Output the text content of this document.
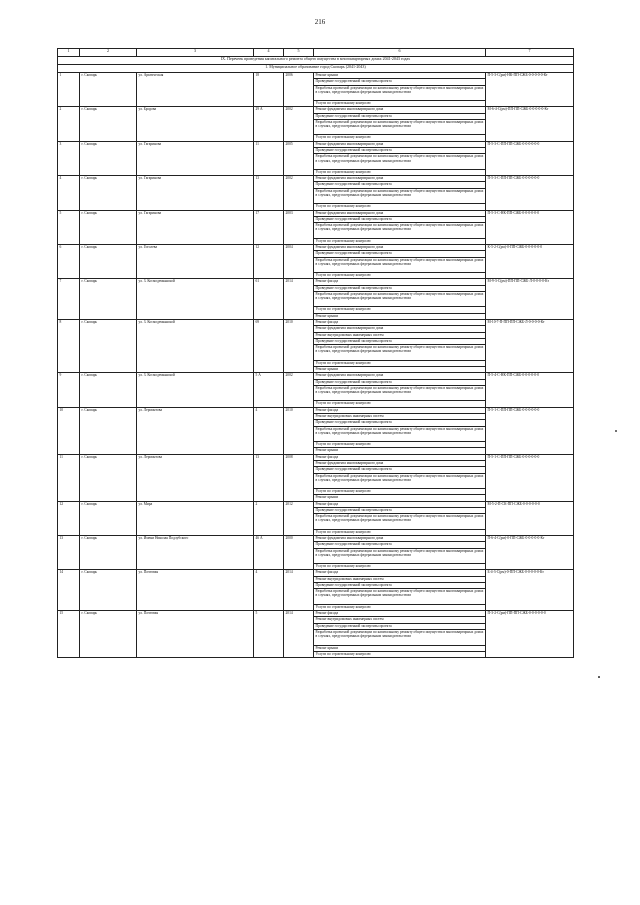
216
1	2	3	4	5	6	7
IX. Перечень проведения капитального ремонта общего имущества в многоквартирных домах 2041-2043 годах						
1. Муниципальное образование город Скопарь (2041-2043)						
1	г. Скопарь	ул. Арктическая	18	2006	Ремонт крыши	П-5-3-С(рм)-НК-ПП-СЖБ-0-0-0-0-0-Кт
					Проведение государственной экспертизы проекта	
					Разработка проектной документации по капитальному ремонту общего имущества в многоквартирных домах в случаях, предусмотренных федеральным законодательством	
					Услуги по строительному контролю	
2	г. Скопарь	ул. Бродова	29 А	2002	Ремонт фундамента многоквартирного дома	М-6-4-С(рм)-ПП-ПП-СЖБ-0-0-0-0-0-Кт
					Проведение государственной экспертизы проекта	
					Разработка проектной документации по капитальному ремонту общего имущества в многоквартирных домах в случаях, предусмотренных федеральным законодательством	
					Услуги по строительному контролю	
3	г. Скопарь	ул. Гагаринова	11	2005	Ремонт фундамента многоквартирного дома	П-5-3-С-ПП-ПП-СЖБ-0-0-0-0-0-0
					Проведение государственной экспертизы проекта	
					Разработка проектной документации по капитальному ремонту общего имущества в многоквартирных домах в случаях, предусмотренных федеральным законодательством	
					Услуги по строительному контролю	
4	г. Скопарь	ул. Гагаринова	13	2002	Ремонт фундамента многоквартирного дома	П-5-3-С-ПП-ПП-СЖБ-0-0-0-0-0-0
					Проведение государственной экспертизы проекта	
					Разработка проектной документации по капитальному ремонту общего имущества в многоквартирных домах в случаях, предусмотренных федеральным законодательством	
					Услуги по строительному контролю	
5	г. Скопарь	ул. Гагаринова	17	2003	Ремонт фундамента многоквартирного дома	П-5-3-С-НК-ПП-СЖБ-0-0-0-0-0-0
					Проведение государственной экспертизы проекта	
					Разработка проектной документации по капитальному ремонту общего имущества в многоквартирных домах в случаях, предусмотренных федеральным законодательством	
					Услуги по строительному контролю	
6	г. Скопарь	ул. Гоголева	12	2004	Ремонт фундамента многоквартирного дома	К-5-2-С(рм)-0-ПП-СЖБ-0-0-0-0-0-0
					Проведение государственной экспертизы проекта	
					Разработка проектной документации по капитальному ремонту общего имущества в многоквартирных домах в случаях, предусмотренных федеральным законодательством	
					Услуги по строительному контролю	
7	г. Скопарь	ул. 3. Космодемьянской	61	2014	Ремонт фасада	М-9-3-С(рм)-ПП-ПП-СЖБ-Л-0-0-0-0-Кт
					Проведение государственной экспертизы проекта	
					Разработка проектной документации по капитальному ремонту общего имущества в многоквартирных домах в случаях, предусмотренных федеральным законодательством	
					Услуги по строительному контролю	
					Ремонт крыши	
8	г. Скопарь	ул. 3. Космодемьянской	69	2010	Ремонт фасада	М-10-7-П-ПП-ПП-СЖБ-Л-0-0-0-0-Кт
					Ремонт фундамента многоквартирного дома	
					Ремонт внутридомовых инженерных систем	
					Проведение государственной экспертизы проекта	
					Разработка проектной документации по капитальному ремонту общего имущества в многоквартирных домах в случаях, предусмотренных федеральным законодательством	
					Услуги по строительному контролю	
					Ремонт крыши	
9	г. Скопарь	ул. 3. Космодемьянской	5 А	2002	Ремонт фундамента многоквартирного дома	П-5-4-С-НК-ПП-СЖБ-0-0-0-0-0-0
					Проведение государственной экспертизы проекта	
					Разработка проектной документации по капитальному ремонту общего имущества в многоквартирных домах в случаях, предусмотренных федеральным законодательством	
					Услуги по строительному контролю	
10	г. Скопарь	ул. Лермонтова	4	2010	Ремонт фасада	П-5-1-С-ПП-ПП-СЖБ-0-0-0-0-0-0
					Ремонт внутридомовых инженерных систем	
					Проведение государственной экспертизы проекта	
					Разработка проектной документации по капитальному ремонту общего имущества в многоквартирных домах в случаях, предусмотренных федеральным законодательством	
					Услуги по строительному контролю	
					Ремонт крыши	
11	г. Скопарь	ул. Лермонтова	13	2008	Ремонт фасада	П-5-1-С-ПП-ПП-СЖБ-0-0-0-0-0-0
					Ремонт фундамента многоквартирного дома	
					Проведение государственной экспертизы проекта	
					Разработка проектной документации по капитальному ремонту общего имущества в многоквартирных домах в случаях, предусмотренных федеральным законодательством	
					Услуги по строительному контролю	
					Ремонт крыши	
12	г. Скопарь	ул. Мира	2	2012	Ремонт фасада	М-5-2-П-СК-ПП-СЖБ-0-0-0-0-0-0
					Проведение государственной экспертизы проекта	
					Разработка проектной документации по капитальному ремонту общего имущества в многоквартирных домах в случаях, предусмотренных федеральным законодательством	
					Услуги по строительному контролю	
13	г. Скопарь	ул. Имени Николая Подлубского	46 А	2000	Ремонт фундамента многоквартирного дома	П-6-4-С(рм)-0-ПП-СЖБ-0-0-0-0-0-Кт
					Проведение государственной экспертизы проекта	
					Разработка проектной документации по капитальному ремонту общего имущества в многоквартирных домах в случаях, предусмотренных федеральным законодательством	
					Услуги по строительному контролю	
14	г. Скопарь	ул. Почтовая	4	2014	Ремонт фасада	Б-4-3-С(рм)-0-ПП-СЖБ-0-0-0-0-0-Кт
					Ремонт внутридомовых инженерных систем	
					Проведение государственной экспертизы проекта	
					Разработка проектной документации по капитальному ремонту общего имущества в многоквартирных домах в случаях, предусмотренных федеральным законодательством	
					Услуги по строительному контролю	
15	г. Скопарь	ул. Почтовая	5	2014	Ремонт фасада	П-3-2-С(рм)-ПП-ПП-СЖБ-0-0-0-0-0-0
					Ремонт внутридомовых инженерных систем	
					Проведение государственной экспертизы проекта	
					Разработка проектной документации по капитальному ремонту общего имущества в многоквартирных домах в случаях, предусмотренных федеральным законодательством	
					Ремонт крыши	
					Услуги по строительному контролю	
